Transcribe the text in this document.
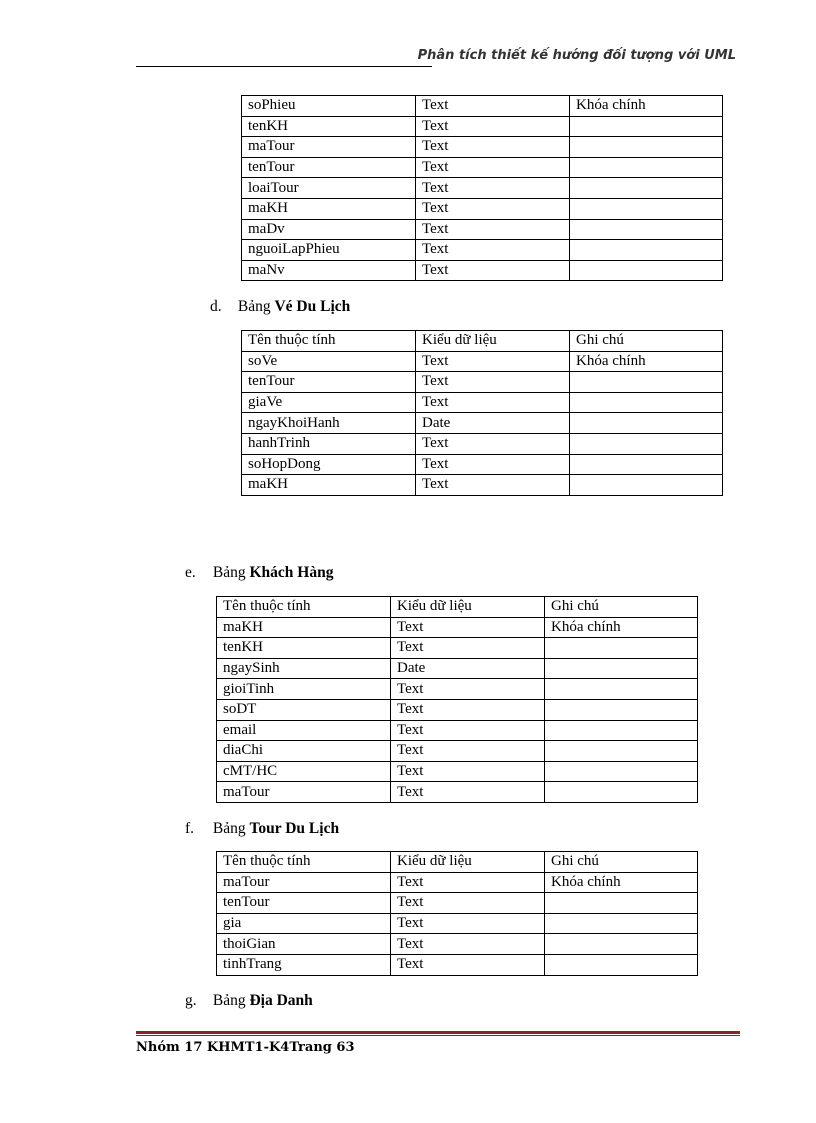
Phân tích thiết kế hướng đối tượng với UML
soPhieu	Text	Khóa chính
tenKH	Text	
maTour	Text	
tenTour	Text	
loaiTour	Text	
maKH	Text	
maDv	Text	
nguoiLapPhieu	Text	
maNv	Text	
d. Bảng Vé Du Lịch
Tên thuộc tính	Kiểu dữ liệu	Ghi chú
soVe	Text	Khóa chính
tenTour	Text	
giaVe	Text	
ngayKhoiHanh	Date	
hanhTrinh	Text	
soHopDong	Text	
maKH	Text	
e. Bảng Khách Hàng
Tên thuộc tính	Kiểu dữ liệu	Ghi chú
maKH	Text	Khóa chính
tenKH	Text	
ngaySinh	Date	
gioiTinh	Text	
soDT	Text	
email	Text	
diaChi	Text	
cMT/HC	Text	
maTour	Text	
f. Bảng Tour Du Lịch
Tên thuộc tính	Kiểu dữ liệu	Ghi chú
maTour	Text	Khóa chính
tenTour	Text	
gia	Text	
thoiGian	Text	
tinhTrang	Text	
g. Bảng Địa Danh
Nhóm 17 KHMT1-K4Trang 63
